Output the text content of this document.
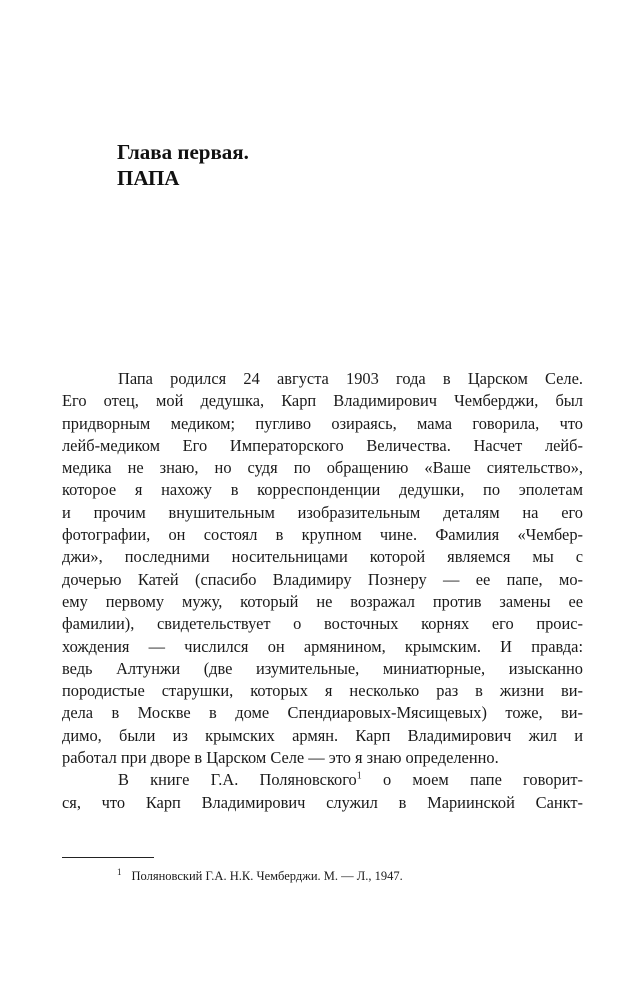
Глава первая.
ПАПА
Папа родился 24 августа 1903 года в Царском Селе.
Его отец, мой дедушка, Карп Владимирович Чемберджи, был
придворным медиком; пугливо озираясь, мама говорила, что
лейб-медиком Его Императорского Величества. Насчет лейб-
медика не знаю, но судя по обращению «Ваше сиятельство»,
которое я нахожу в корреспонденции дедушки, по эполетам
и прочим внушительным изобразительным деталям на его
фотографии, он состоял в крупном чине. Фамилия «Чембер-
джи», последними носительницами которой являемся мы с
дочерью Катей (спасибо Владимиру Познеру — ее папе, мо-
ему первому мужу, который не возражал против замены ее
фамилии), свидетельствует о восточных корнях его проис-
хождения — числился он армянином, крымским. И правда:
ведь Алтунжи (две изумительные, миниатюрные, изысканно
породистые старушки, которых я несколько раз в жизни ви-
дела в Москве в доме Спендиаровых-Мясищевых) тоже, ви-
димо, были из крымских армян. Карп Владимирович жил и
работал при дворе в Царском Селе — это я знаю определенно.
В книге Г.А. Поляновского$^1$ о моем папе говорит-
ся, что Карп Владимирович служил в Мариинской Санкт-
$^1$ Поляновский Г.А. Н.К. Чемберджи. М. — Л., 1947.
